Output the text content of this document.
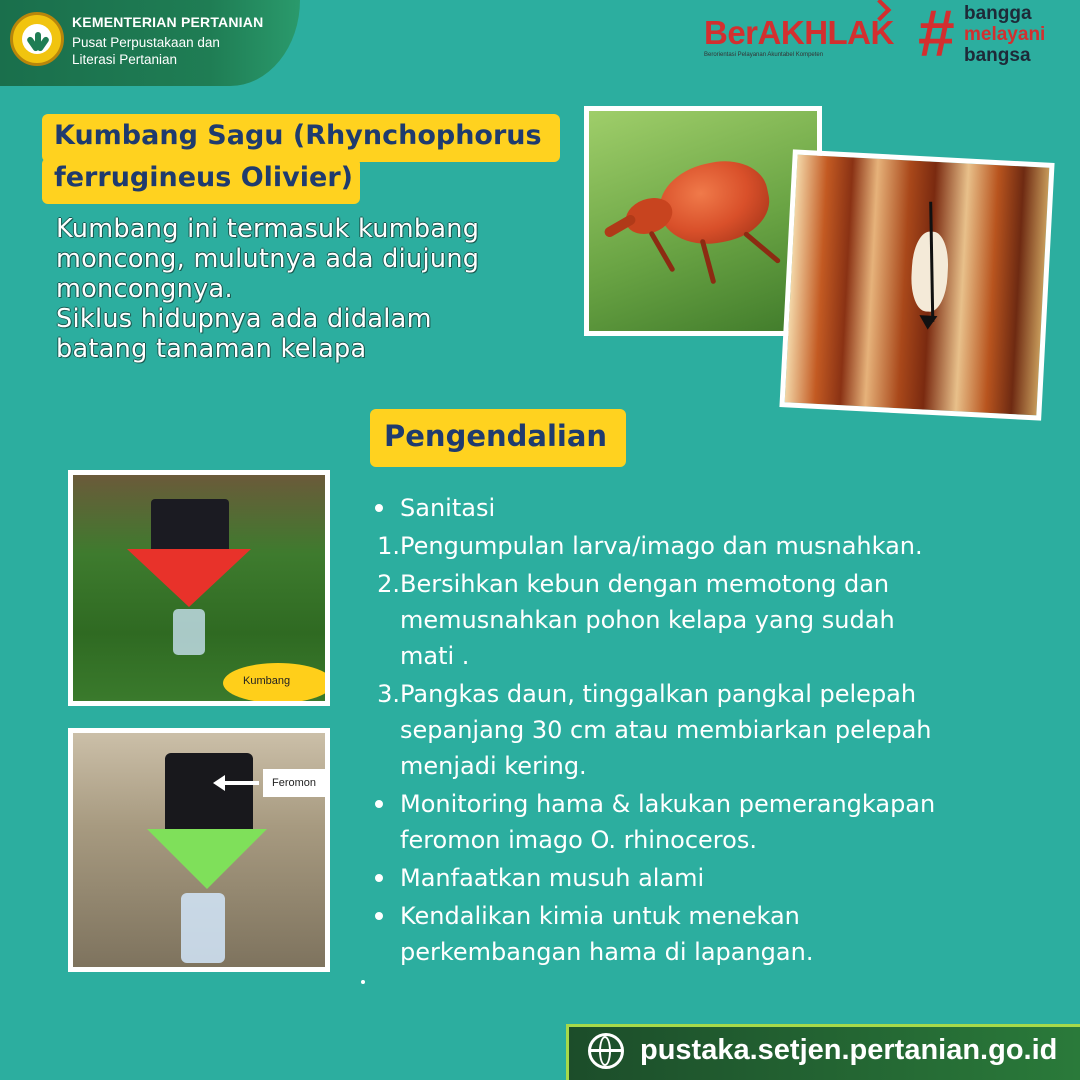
KEMENTERIAN PERTANIAN
Pusat Perpustakaan dan
Literasi Pertanian
BerAKHLAK
Berorientasi Pelayanan Akuntabel Kompeten	# bangga
melayani
bangsa
Kumbang Sagu (Rhynchophorus
ferrugineus Olivier)
Kumbang ini termasuk kumbang
moncong, mulutnya ada diujung
moncongnya.
Siklus hidupnya ada didalam
batang tanaman kelapa
Kumbang
Feromon
Pengendalian
Sanitasi
1. Pengumpulan larva/imago dan musnahkan.
2. Bersihkan kebun dengan memotong dan
memusnahkan pohon kelapa yang sudah
mati .
3. Pangkas daun, tinggalkan pangkal pelepah
sepanjang 30 cm atau membiarkan pelepah
menjadi kering.
Monitoring hama & lakukan pemerangkapan
feromon imago O. rhinoceros.
Manfaatkan musuh alami
Kendalikan kimia untuk menekan
perkembangan hama di lapangan.
pustaka.setjen.pertanian.go.id
